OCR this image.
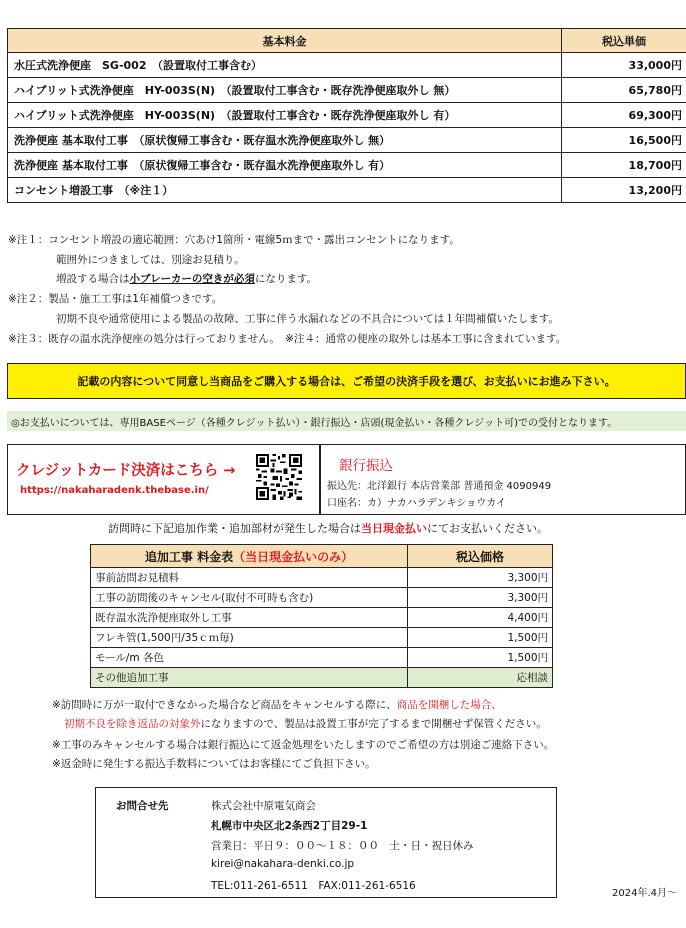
基本料金	税込単価
水圧式洗浄便座　SG-002　（設置取付工事含む）	33,000円
ハイブリット式洗浄便座　HY-003S(N)　（設置取付工事含む・既存洗浄便座取外し 無）	65,780円
ハイブリット式洗浄便座　HY-003S(N)　（設置取付工事含む・既存洗浄便座取外し 有）	69,300円
洗浄便座 基本取付工事　（原状復帰工事含む・既存温水洗浄便座取外し 無）	16,500円
洗浄便座 基本取付工事　（原状復帰工事含む・既存温水洗浄便座取外し 有）	18,700円
コンセント増設工事　（※注１）	13,200円
※注１：コンセント増設の適応範囲：穴あけ1箇所・電線5ｍまで・露出コンセントになります。
範囲外につきましては、別途お見積り。
増設する場合は小ブレーカーの空きが必須になります。
※注２：製品・施工工事は1年補償つきです。
初期不良や通常使用による製品の故障、工事に伴う水漏れなどの不具合については１年間補償いたします。
※注３：既存の温水洗浄便座の処分は行っておりません。　※注４：通常の便座の取外しは基本工事に含まれています。
記載の内容について同意し当商品をご購入する場合は、ご希望の決済手段を選び、お支払いにお進み下さい。
◎お支払いについては、専用BASEページ（各種クレジット払い）・銀行振込・店頭(現金払い・各種クレジット可)での受付となります。
クレジットカード決済はこちら →
https://nakaharadenk.thebase.in/
銀行振込
振込先：北洋銀行 本店営業部 普通預金 4090949
口座名：カ）ナカハラデンキショウカイ
訪問時に下記追加作業・追加部材が発生した場合は当日現金払いにてお支払いください。
追加工事 料金表（当日現金払いのみ）	税込価格
事前訪問お見積料	3,300円
工事の訪問後のキャンセル(取付不可時も含む)	3,300円
既存温水洗浄便座取外し工事	4,400円
フレキ管(1,500円/35ｃｍ毎)	1,500円
モール/m 各色	1,500円
その他追加工事	応相談
※訪問時に万が一取付できなかった場合など商品をキャンセルする際に、商品を開梱した場合、
初期不良を除き返品の対象外になりますので、製品は設置工事が完了するまで開梱せず保管ください。
※工事のみキャンセルする場合は銀行振込にて返金処理をいたしますのでご希望の方は別途ご連絡下さい。
※返金時に発生する振込手数料についてはお客様にてご負担下さい。
お問合せ先	株式会社中原電気商会
札幌市中央区北2条西2丁目29-1
営業日：平日９：００～１８：００　土・日・祝日休み
kirei@nakahara-denki.co.jp
TEL:011-261-6511　FAX:011-261-6516
2024年.4月～
